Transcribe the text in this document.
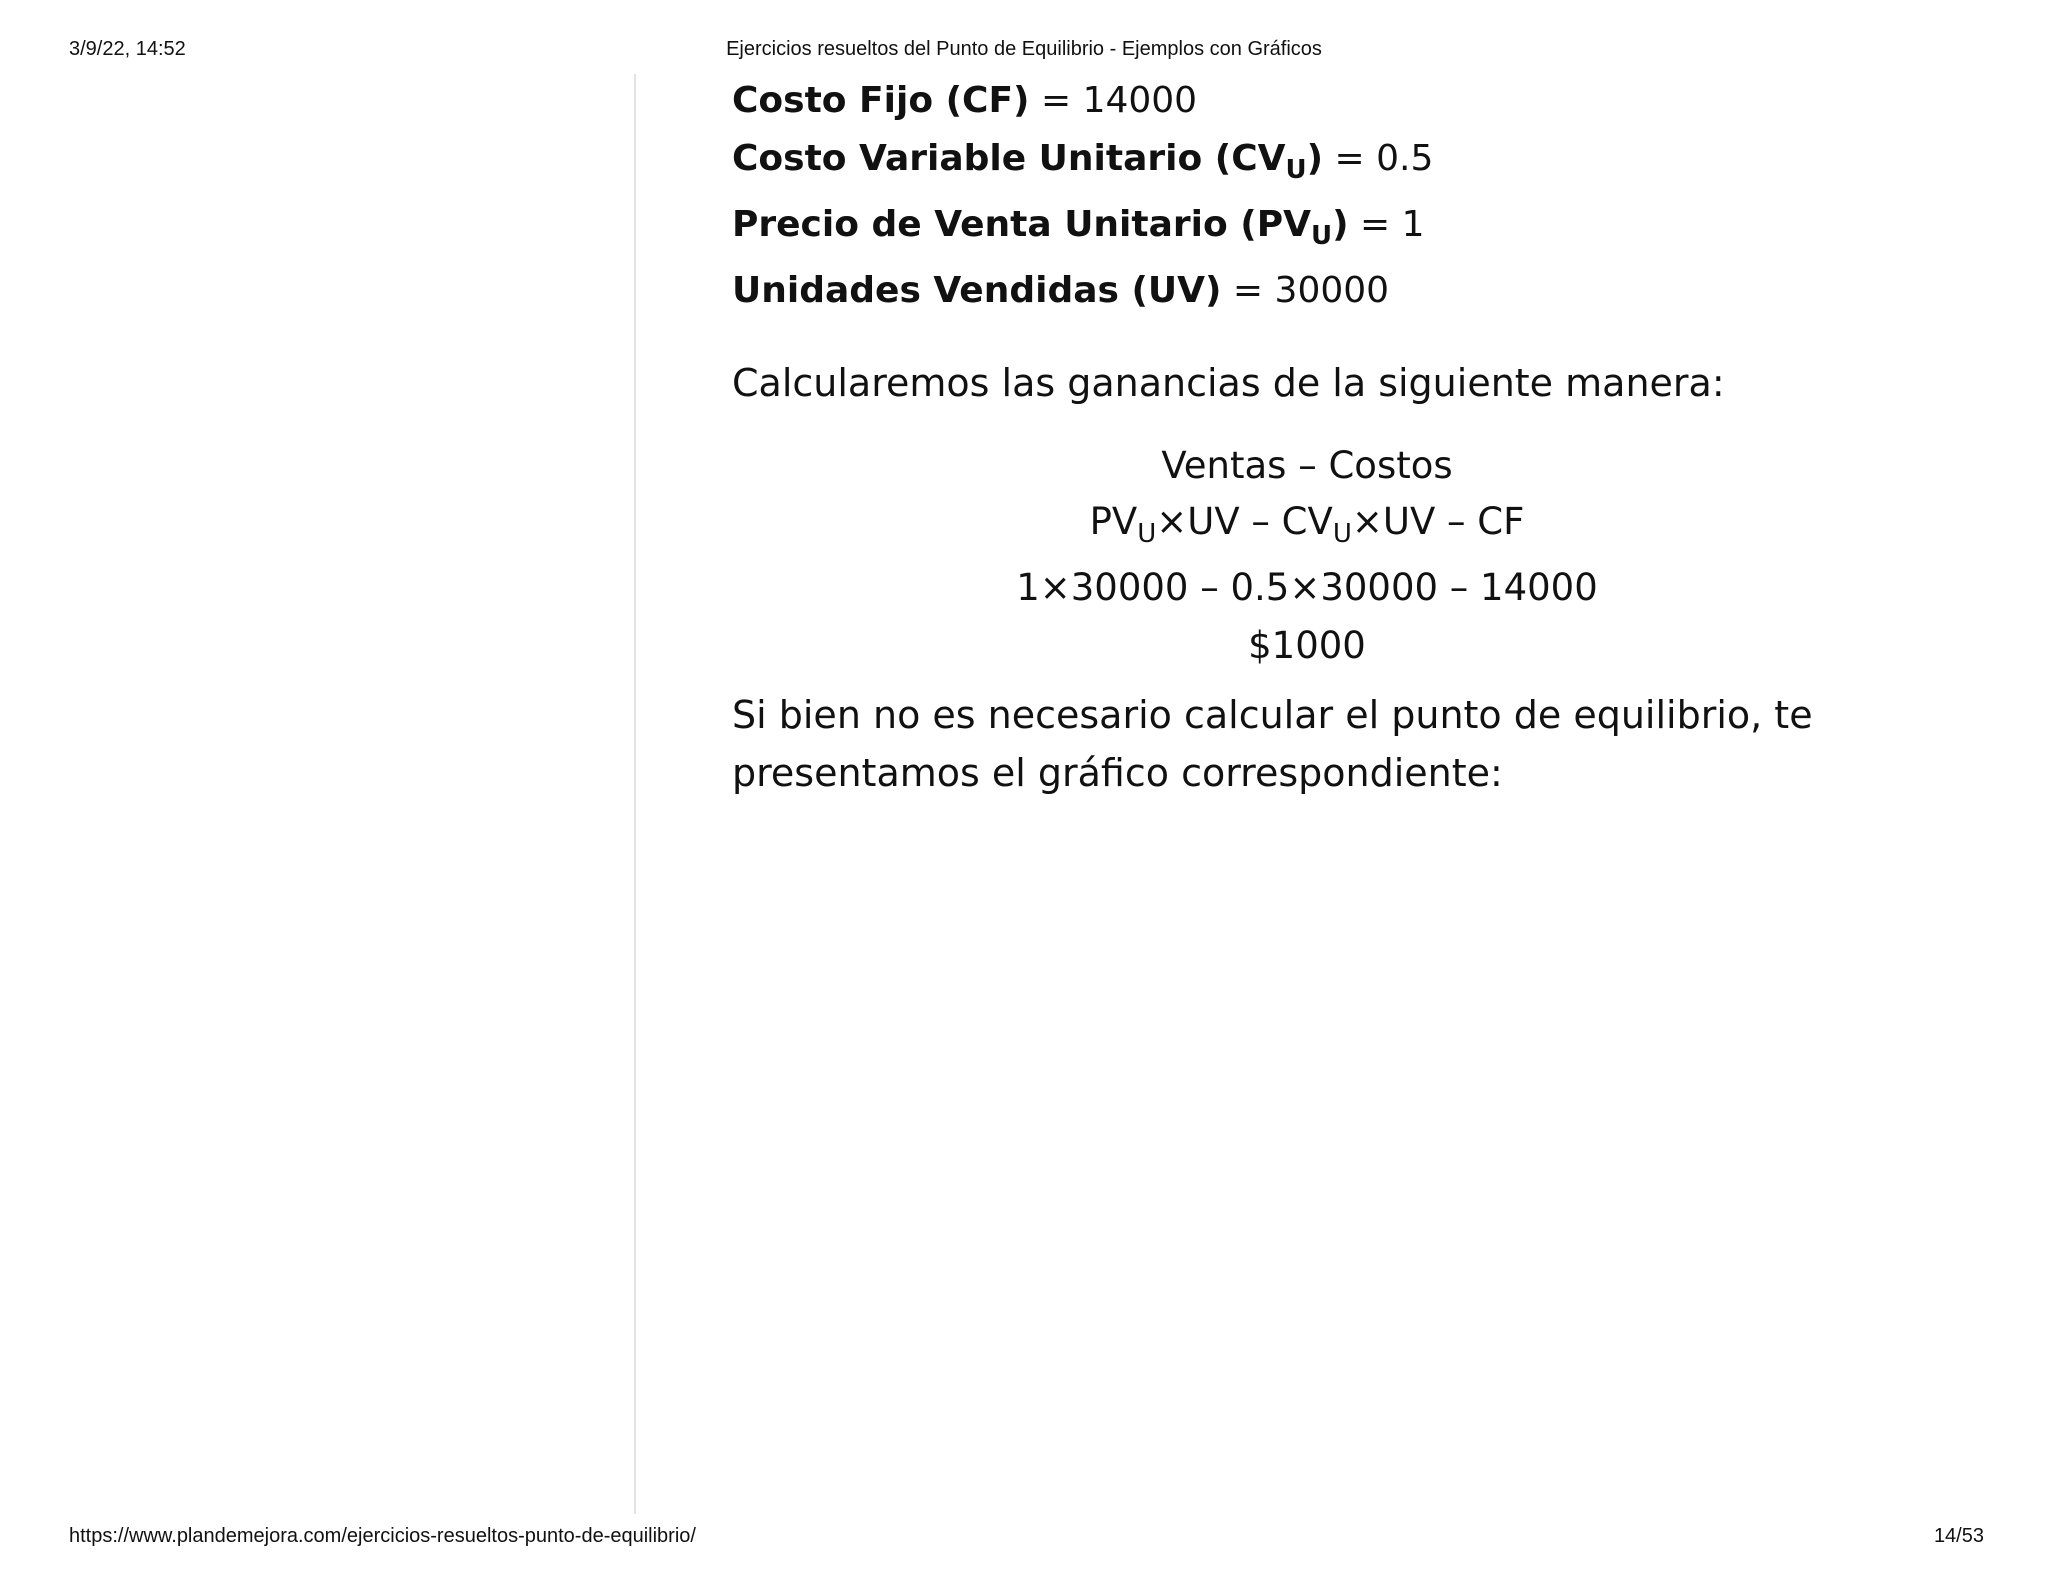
3/9/22, 14:52	Ejercicios resueltos del Punto de Equilibrio - Ejemplos con Gráficos
Costo Fijo (CF) = 14000
Costo Variable Unitario $(CV_U) = 0.5$
Precio de Venta Unitario $(PV_U) = 1$
Unidades Vendidas (UV) = 30000
Calcularemos las ganancias de la siguiente manera:
Ventas – Costos
$PV_U\times UV - CV_U\times UV$ – CF
1×30000 – 0.5×30000 – 14000
$1000
Si bien no es necesario calcular el punto de equilibrio, te presentamos el gráfico correspondiente:
https://www.plandemejora.com/ejercicios-resueltos-punto-de-equilibrio/	14/53
